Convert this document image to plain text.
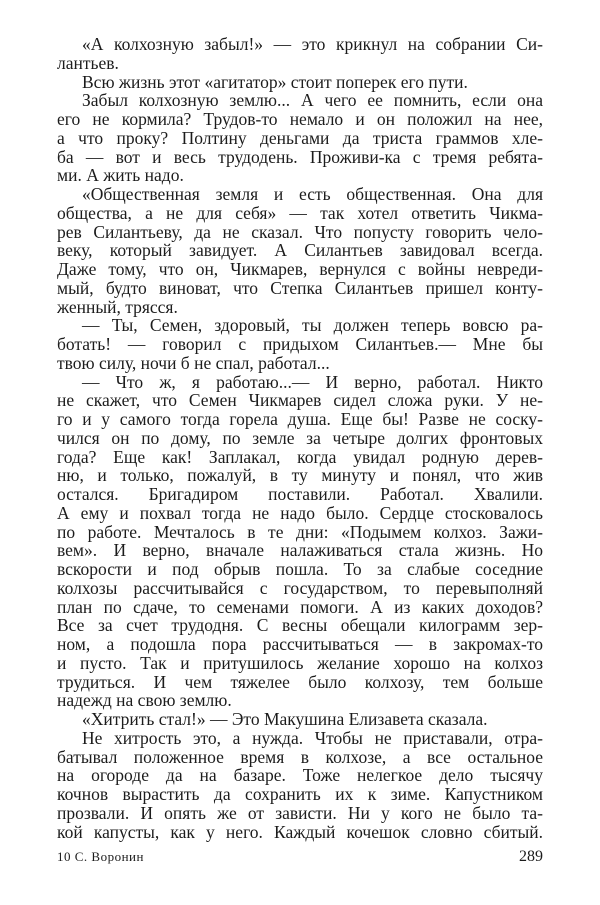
«А колхозную забыл!» — это крикнул на собрании Си-
лантьев.
Всю жизнь этот «агитатор» стоит поперек его пути.
Забыл колхозную землю... А чего ее помнить, если она
его не кормила? Трудов-то немало и он положил на нее,
а что проку? Полтину деньгами да триста граммов хле-
ба — вот и весь трудодень. Проживи-ка с тремя ребята-
ми. А жить надо.
«Общественная земля и есть общественная. Она для
общества, а не для себя» — так хотел ответить Чикма-
рев Силантьеву, да не сказал. Что попусту говорить чело-
веку, который завидует. А Силантьев завидовал всегда.
Даже тому, что он, Чикмарев, вернулся с войны невреди-
мый, будто виноват, что Степка Силантьев пришел конту-
женный, трясся.
— Ты, Семен, здоровый, ты должен теперь вовсю ра-
ботать! — говорил с придыхом Силантьев.— Мне бы
твою силу, ночи б не спал, работал...
— Что ж, я работаю...— И верно, работал. Никто
не скажет, что Семен Чикмарев сидел сложа руки. У не-
го и у самого тогда горела душа. Еще бы! Разве не соску-
чился он по дому, по земле за четыре долгих фронтовых
года? Еще как! Заплакал, когда увидал родную дерев-
ню, и только, пожалуй, в ту минуту и понял, что жив
остался. Бригадиром поставили. Работал. Хвалили.
А ему и похвал тогда не надо было. Сердце стосковалось
по работе. Мечталось в те дни: «Подымем колхоз. Зажи-
вем». И верно, вначале налаживаться стала жизнь. Но
вскорости и под обрыв пошла. То за слабые соседние
колхозы рассчитывайся с государством, то перевыполняй
план по сдаче, то семенами помоги. А из каких доходов?
Все за счет трудодня. С весны обещали килограмм зер-
ном, а подошла пора рассчитываться — в закромах-то
и пусто. Так и притушилось желание хорошо на колхоз
трудиться. И чем тяжелее было колхозу, тем больше
надежд на свою землю.
«Хитрить стал!» — Это Макушина Елизавета сказала.
Не хитрость это, а нужда. Чтобы не приставали, отра-
батывал положенное время в колхозе, а все остальное
на огороде да на базаре. Тоже нелегкое дело тысячу
кочнов вырастить да сохранить их к зиме. Капустником
прозвали. И опять же от зависти. Ни у кого не было та-
кой капусты, как у него. Каждый кочешок словно сбитый.
10 С. Воронин	289
